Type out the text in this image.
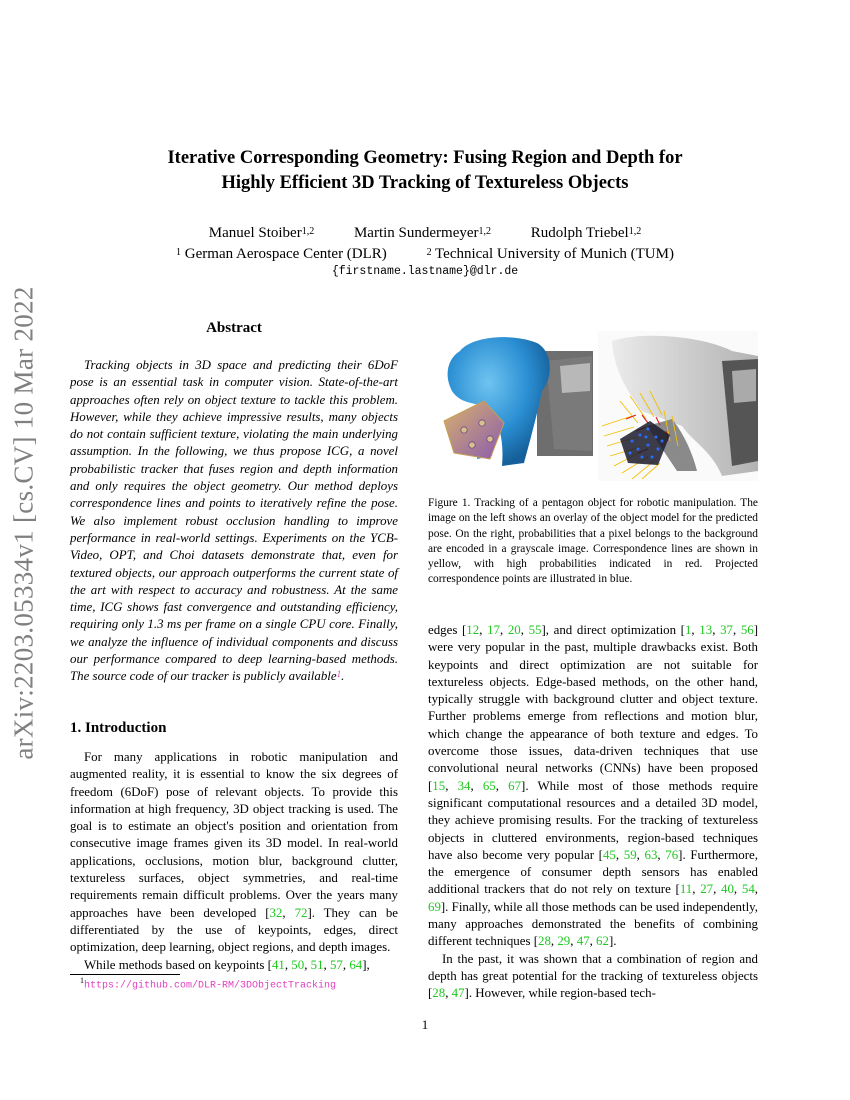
arXiv:2203.05334v1 [cs.CV] 10 Mar 2022
Iterative Corresponding Geometry: Fusing Region and Depth for
Highly Efficient 3D Tracking of Textureless Objects
Manuel Stoiber$^{1,2}$	Martin Sundermeyer$^{1,2}$	Rudolph Triebel$^{1,2}$
$^1$ German Aerospace Center (DLR)	$^2$ Technical University of Munich (TUM)
{firstname.lastname}@dlr.de
Abstract

Tracking objects in 3D space and predicting their 6DoF pose is an essential task in computer vision. State-of-the-art approaches often rely on object texture to tackle this problem. However, while they achieve impressive results, many objects do not contain sufficient texture, violating the main underlying assumption. In the following, we thus propose ICG, a novel probabilistic tracker that fuses region and depth information and only requires the object geometry. Our method deploys correspondence lines and points to iteratively refine the pose. We also implement robust occlusion handling to improve performance in real-world settings. Experiments on the YCB-Video, OPT, and Choi datasets demonstrate that, even for textured objects, our approach outperforms the current state of the art with respect to accuracy and robustness. At the same time, ICG shows fast convergence and outstanding efficiency, requiring only 1.3 ms per frame on a single CPU core. Finally, we analyze the influence of individual components and discuss our performance compared to deep learning-based methods. The source code of our tracker is publicly available$^1$.

1. Introduction

For many applications in robotic manipulation and augmented reality, it is essential to know the six degrees of freedom (6DoF) pose of relevant objects. To provide this information at high frequency, 3D object tracking is used. The goal is to estimate an object's position and orientation from consecutive image frames given its 3D model. In real-world applications, occlusions, motion blur, background clutter, textureless surfaces, object symmetries, and real-time requirements remain difficult problems. Over the years many approaches have been developed [32, 72]. They can be differentiated by the use of keypoints, edges, direct optimization, deep learning, object regions, and depth images.

While methods based on keypoints [41, 50, 51, 57, 64],

$^1$https://github.com/DLR-RM/3DObjectTracking
Figure 1. Tracking of a pentagon object for robotic manipulation. The image on the left shows an overlay of the object model for the predicted pose. On the right, probabilities that a pixel belongs to the background are encoded in a grayscale image. Correspondence lines are shown in yellow, with high probabilities indicated in red. Projected correspondence points are illustrated in blue.

edges [12, 17, 20, 55], and direct optimization [1, 13, 37, 56] were very popular in the past, multiple drawbacks exist. Both keypoints and direct optimization are not suitable for textureless objects. Edge-based methods, on the other hand, typically struggle with background clutter and object texture. Further problems emerge from reflections and motion blur, which change the appearance of both texture and edges. To overcome those issues, data-driven techniques that use convolutional neural networks (CNNs) have been proposed [15, 34, 65, 67]. While most of those methods require significant computational resources and a detailed 3D model, they achieve promising results. For the tracking of textureless objects in cluttered environments, region-based techniques have also become very popular [45, 59, 63, 76]. Furthermore, the emergence of consumer depth sensors has enabled additional trackers that do not rely on texture [11, 27, 40, 54, 69]. Finally, while all those methods can be used independently, many approaches demonstrated the benefits of combining different techniques [28, 29, 47, 62].

In the past, it was shown that a combination of region and depth has great potential for the tracking of textureless objects [28, 47]. However, while region-based tech-

1
